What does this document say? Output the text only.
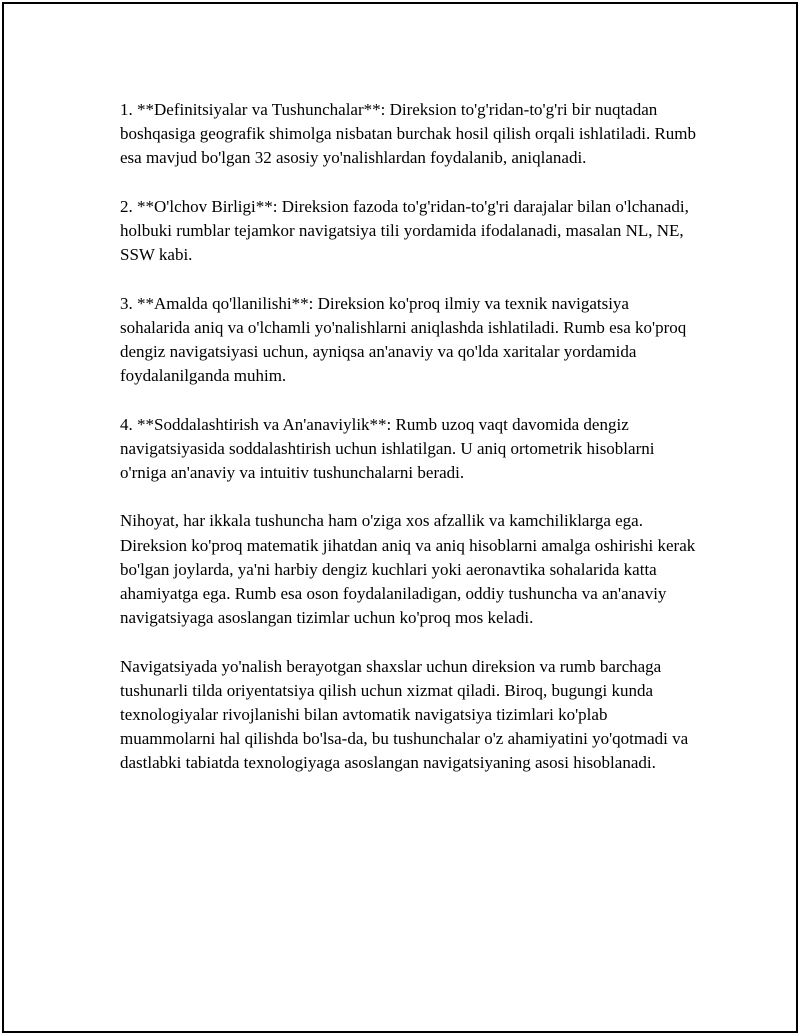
1. **Definitsiyalar va Tushunchalar**: Direksion to'g'ridan-to'g'ri bir nuqtadan boshqasiga geografik shimolga nisbatan burchak hosil qilish orqali ishlatiladi. Rumb esa mavjud bo'lgan 32 asosiy yo'nalishlardan foydalanib, aniqlanadi.

2. **O'lchov Birligi**: Direksion fazoda to'g'ridan-to'g'ri darajalar bilan o'lchanadi, holbuki rumblar tejamkor navigatsiya tili yordamida ifodalanadi, masalan NL, NE, SSW kabi.

3. **Amalda qo'llanilishi**: Direksion ko'proq ilmiy va texnik navigatsiya sohalarida aniq va o'lchamli yo'nalishlarni aniqlashda ishlatiladi. Rumb esa ko'proq dengiz navigatsiyasi uchun, ayniqsa an'anaviy va qo'lda xaritalar yordamida foydalanilganda muhim.

4. **Soddalashtirish va An'anaviylik**: Rumb uzoq vaqt davomida dengiz navigatsiyasida soddalashtirish uchun ishlatilgan. U aniq ortometrik hisoblarni o'rniga an'anaviy va intuitiv tushunchalarni beradi.

Nihoyat, har ikkala tushuncha ham o'ziga xos afzallik va kamchiliklarga ega. Direksion ko'proq matematik jihatdan aniq va aniq hisoblarni amalga oshirishi kerak bo'lgan joylarda, ya'ni harbiy dengiz kuchlari yoki aeronavtika sohalarida katta ahamiyatga ega. Rumb esa oson foydalaniladigan, oddiy tushuncha va an'anaviy navigatsiyaga asoslangan tizimlar uchun ko'proq mos keladi.

Navigatsiyada yo'nalish berayotgan shaxslar uchun direksion va rumb barchaga tushunarli tilda oriyentatsiya qilish uchun xizmat qiladi. Biroq, bugungi kunda texnologiyalar rivojlanishi bilan avtomatik navigatsiya tizimlari ko'plab muammolarni hal qilishda bo'lsa-da, bu tushunchalar o'z ahamiyatini yo'qotmadi va dastlabki tabiatda texnologiyaga asoslangan navigatsiyaning asosi hisoblanadi.
